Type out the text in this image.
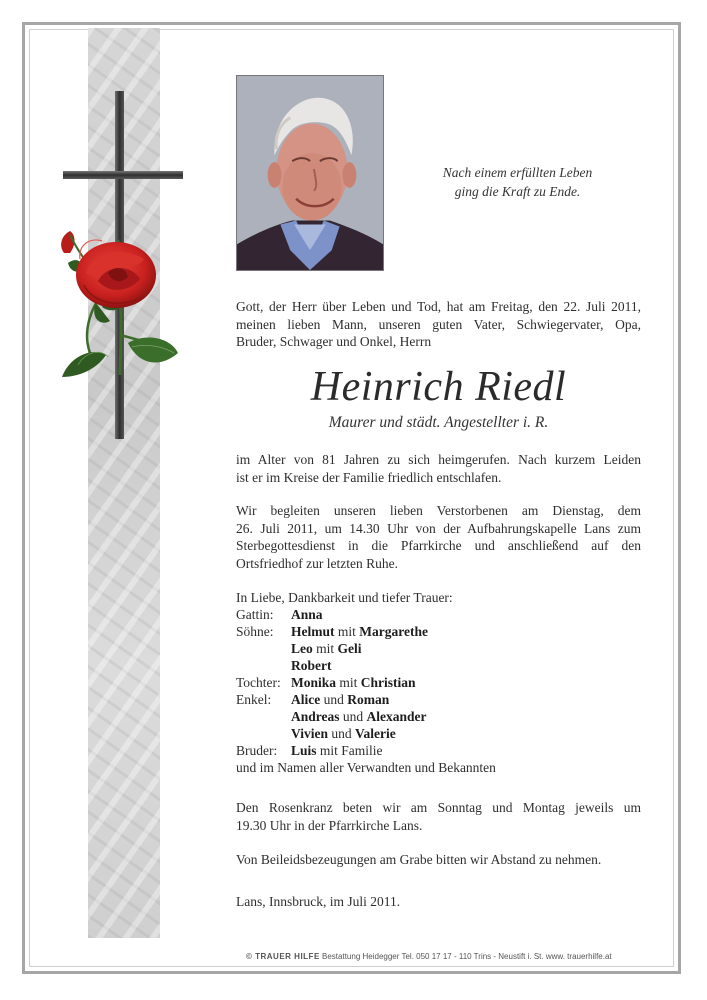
Nach einem erfüllten Leben
ging die Kraft zu Ende.
Gott, der Herr über Leben und Tod, hat am Freitag, den 22. Juli 2011,
meinen lieben Mann, unseren guten Vater, Schwiegervater, Opa,
Bruder, Schwager und Onkel, Herrn
Heinrich Riedl
Maurer und städt. Angestellter i. R.
im Alter von 81 Jahren zu sich heimgerufen. Nach kurzem Leiden
ist er im Kreise der Familie friedlich entschlafen.
Wir begleiten unseren lieben Verstorbenen am Dienstag, dem
26. Juli 2011, um 14.30 Uhr von der Aufbahrungskapelle Lans zum
Sterbegottesdienst in die Pfarrkirche und anschließend auf den
Ortsfriedhof zur letzten Ruhe.
In Liebe, Dankbarkeit und tiefer Trauer:
Gattin:	Anna
Söhne:	Helmut mit Margarethe
Leo mit Geli
Robert
Tochter: Monika mit Christian
Enkel:	Alice und Roman
Andreas und Alexander
Vivien und Valerie
Bruder:	Luis mit Familie
und im Namen aller Verwandten und Bekannten
Den Rosenkranz beten wir am Sonntag und Montag jeweils um
19.30 Uhr in der Pfarrkirche Lans.
Von Beileidsbezeugungen am Grabe bitten wir Abstand zu nehmen.
Lans, Innsbruck, im Juli 2011.
© TRAUER HILFE Bestattung Heidegger Tel. 050 17 17 - 110 Trins - Neustift i. St. www. trauerhilfe.at
